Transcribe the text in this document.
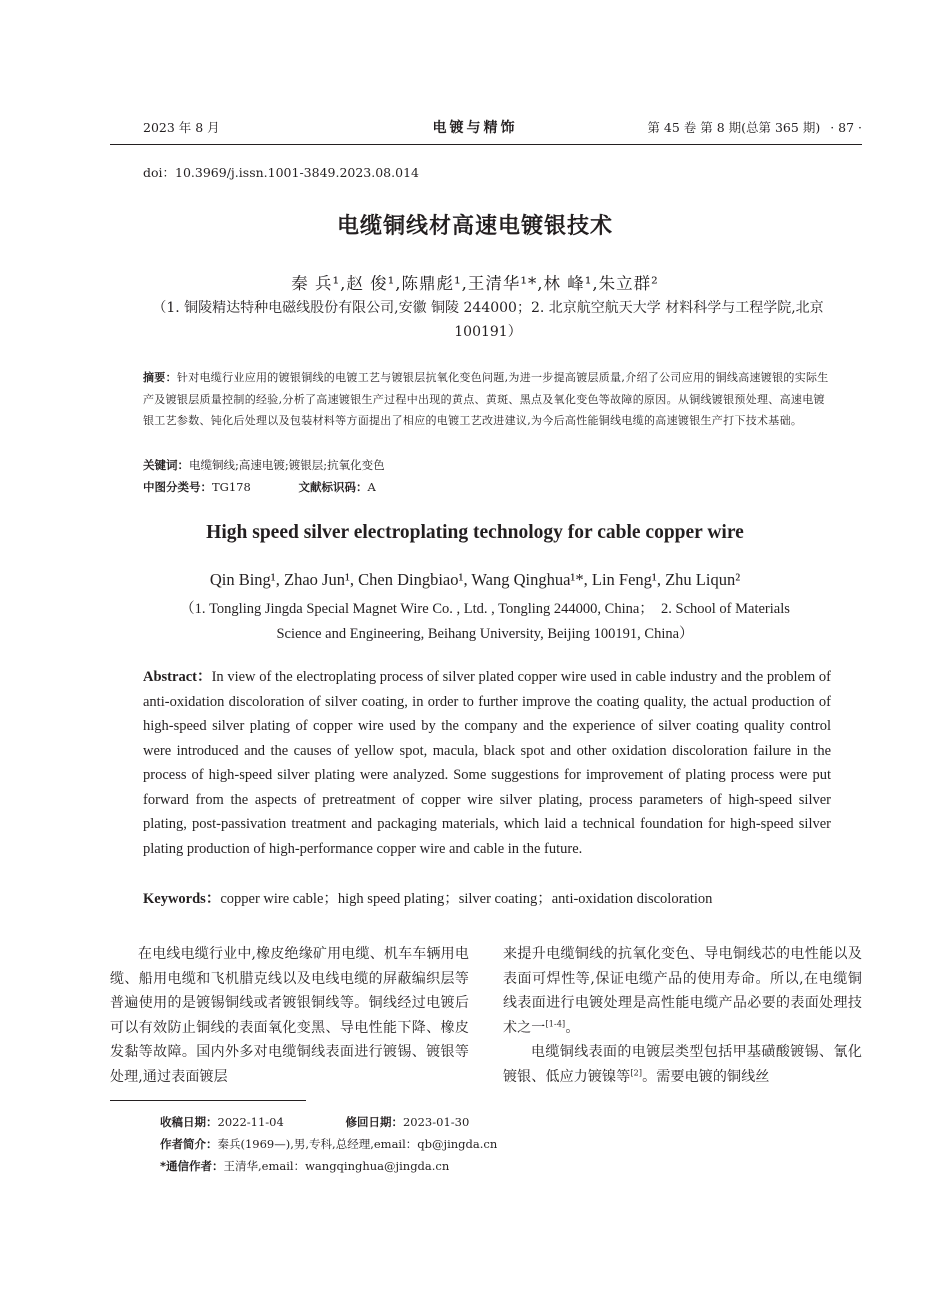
2023 年 8 月	电镀与精饰	第 45 卷 第 8 期(总第 365 期) · 87 ·
doi：10.3969/j.issn.1001-3849.2023.08.014
电缆铜线材高速电镀银技术
秦 兵¹,赵 俊¹,陈鼎彪¹,王清华¹*,林 峰¹,朱立群²
（1. 铜陵精达特种电磁线股份有限公司,安徽 铜陵 244000；2. 北京航空航天大学 材料科学与工程学院,北京 100191）
摘要：针对电缆行业应用的镀银铜线的电镀工艺与镀银层抗氧化变色问题,为进一步提高镀层质量,介绍了公司应用的铜线高速镀银的实际生产及镀银层质量控制的经验,分析了高速镀银生产过程中出现的黄点、黄斑、黑点及氧化变色等故障的原因。从铜线镀银预处理、高速电镀银工艺参数、钝化后处理以及包装材料等方面提出了相应的电镀工艺改进建议,为今后高性能铜线电缆的高速镀银生产打下技术基础。
关键词：电缆铜线;高速电镀;镀银层;抗氧化变色
中图分类号：TG178	文献标识码：A
High speed silver electroplating technology for cable copper wire
Qin Bing¹, Zhao Jun¹, Chen Dingbiao¹, Wang Qinghua¹*, Lin Feng¹, Zhu Liqun²
（1. Tongling Jingda Special Magnet Wire Co. , Ltd. , Tongling 244000, China；　2. School of Materials Science and Engineering, Beihang University, Beijing 100191, China）
Abstract：In view of the electroplating process of silver plated copper wire used in cable industry and the problem of anti-oxidation discoloration of silver coating, in order to further improve the coating quality, the actual production of high-speed silver plating of copper wire used by the company and the experience of silver coating quality control were introduced and the causes of yellow spot, macula, black spot and other oxidation discoloration failure in the process of high-speed silver plating were analyzed. Some suggestions for improvement of plating process were put forward from the aspects of pretreatment of copper wire silver plating, process parameters of high-speed silver plating, post-passivation treatment and packaging materials, which laid a technical foundation for high-speed silver plating production of high-performance copper wire and cable in the future.
Keywords：copper wire cable；high speed plating；silver coating；anti-oxidation discoloration

在电线电缆行业中,橡皮绝缘矿用电缆、机车车辆用电缆、船用电缆和飞机腊克线以及电线电缆的屏蔽编织层等普遍使用的是镀锡铜线或者镀银铜线等。铜线经过电镀后可以有效防止铜线的表面氧化变黑、导电性能下降、橡皮发黏等故障。国内外多对电缆铜线表面进行镀锡、镀银等处理,通过表面镀层

来提升电缆铜线的抗氧化变色、导电铜线芯的电性能以及表面可焊性等,保证电缆产品的使用寿命。所以,在电缆铜线表面进行电镀处理是高性能电缆产品必要的表面处理技术之一[1-4]。

电缆铜线表面的电镀层类型包括甲基磺酸镀锡、氰化镀银、低应力镀镍等[2]。需要电镀的铜线丝

收稿日期：2022-11-04	修回日期：2023-01-30
作者简介：秦兵(1969—),男,专科,总经理,email：qb@jingda.cn
*通信作者：王清华,email：wangqinghua@jingda.cn
